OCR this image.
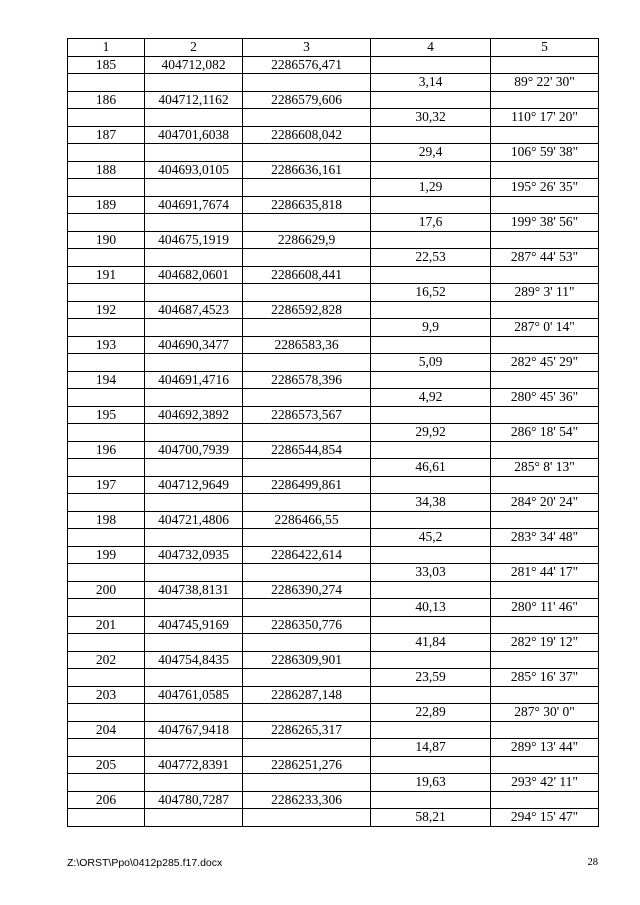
1	2	3	4	5
185	404712,082	2286576,471		
			3,14	89° 22' 30"
186	404712,1162	2286579,606		
			30,32	110° 17' 20"
187	404701,6038	2286608,042		
			29,4	106° 59' 38"
188	404693,0105	2286636,161		
			1,29	195° 26' 35"
189	404691,7674	2286635,818		
			17,6	199° 38' 56"
190	404675,1919	2286629,9		
			22,53	287° 44' 53"
191	404682,0601	2286608,441		
			16,52	289° 3' 11"
192	404687,4523	2286592,828		
			9,9	287° 0' 14"
193	404690,3477	2286583,36		
			5,09	282° 45' 29"
194	404691,4716	2286578,396		
			4,92	280° 45' 36"
195	404692,3892	2286573,567		
			29,92	286° 18' 54"
196	404700,7939	2286544,854		
			46,61	285° 8' 13"
197	404712,9649	2286499,861		
			34,38	284° 20' 24"
198	404721,4806	2286466,55		
			45,2	283° 34' 48"
199	404732,0935	2286422,614		
			33,03	281° 44' 17"
200	404738,8131	2286390,274		
			40,13	280° 11' 46"
201	404745,9169	2286350,776		
			41,84	282° 19' 12"
202	404754,8435	2286309,901		
			23,59	285° 16' 37"
203	404761,0585	2286287,148		
			22,89	287° 30' 0"
204	404767,9418	2286265,317		
			14,87	289° 13' 44"
205	404772,8391	2286251,276		
			19,63	293° 42' 11"
206	404780,7287	2286233,306		
			58,21	294° 15' 47"
Z:\ORST\Ppo\0412p285.f17.docx	28
